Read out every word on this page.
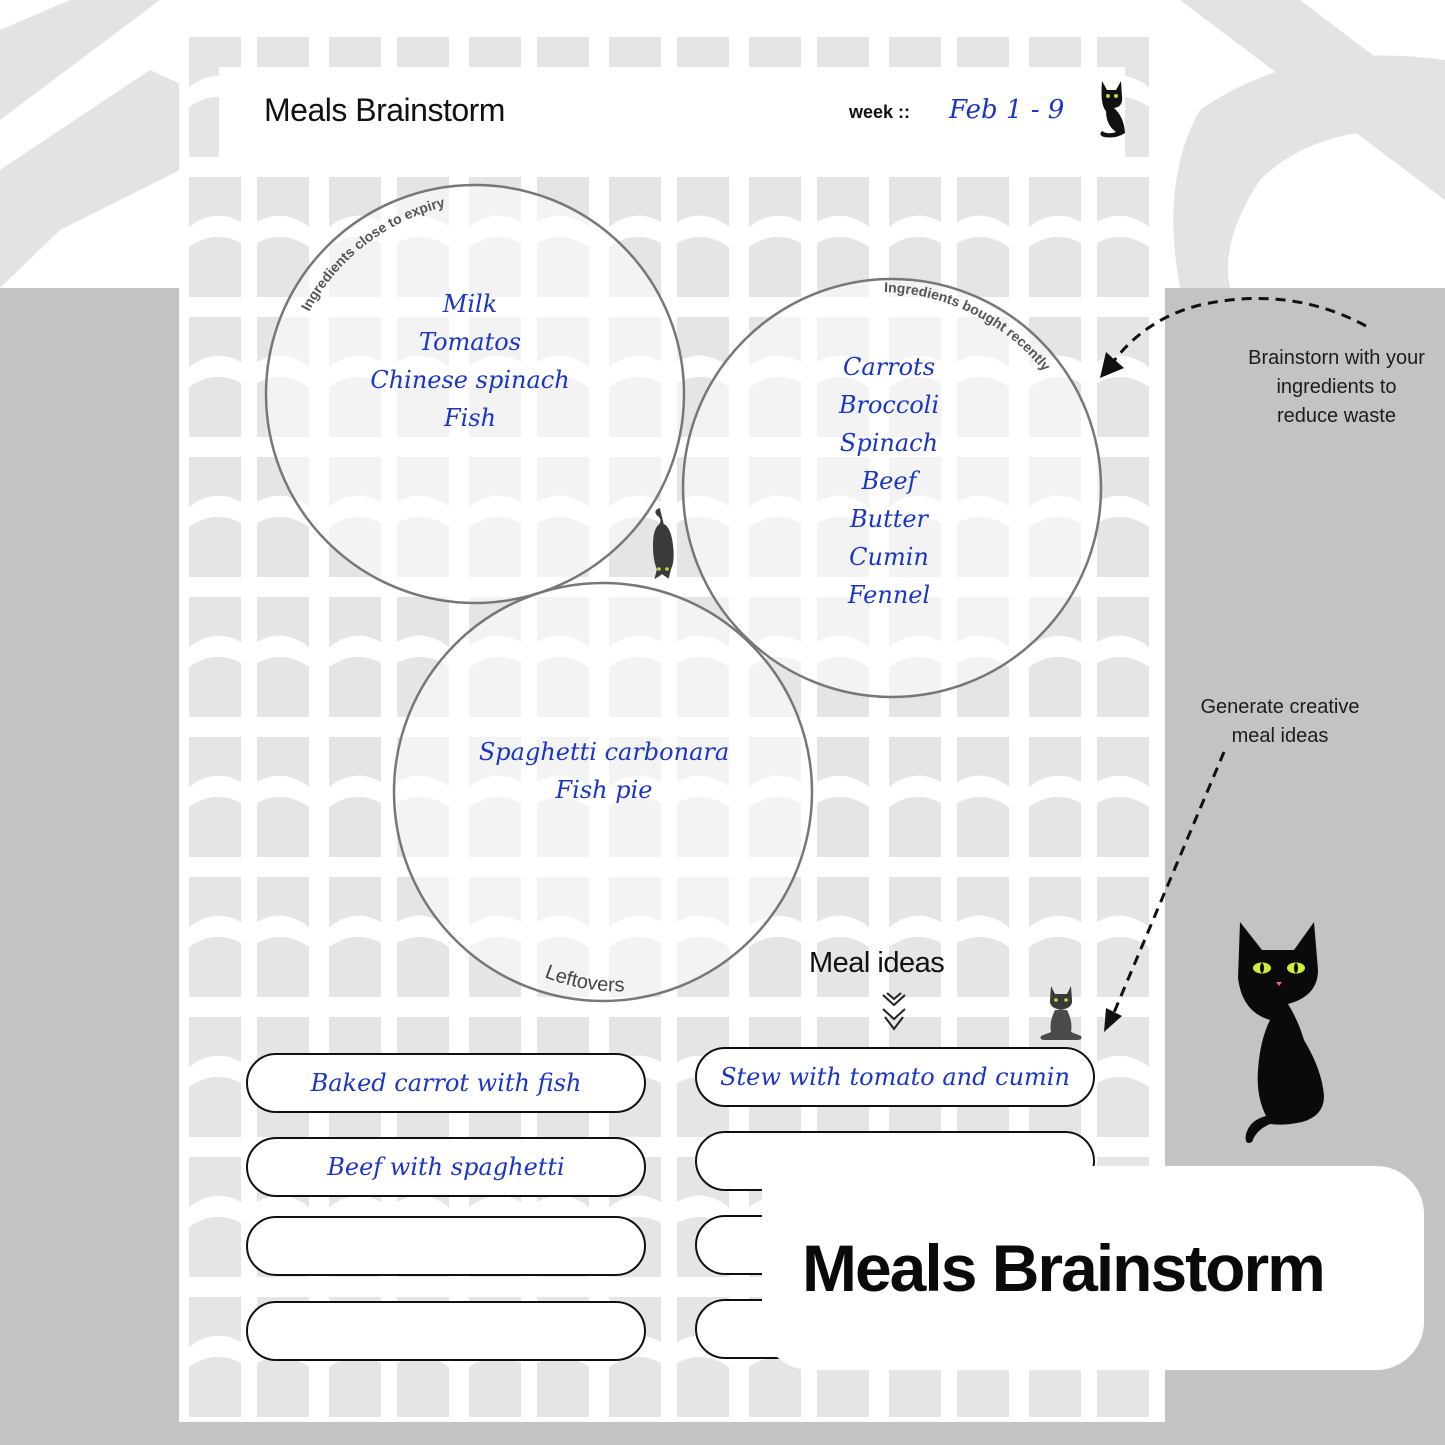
Meals Brainstorm	week :: Feb 1 - 9
Ingredients close to expiry
Ingredients bought recently
Leftovers
Milk
Tomatos
Chinese spinach
Fish
Carrots
Broccoli
Spinach
Beef
Butter
Cumin
Fennel
Spaghetti carbonara
Fish pie
Meal ideas
Baked carrot with fish
Beef with spaghetti
Stew with tomato and cumin
Brainstorn with your
ingredients to
reduce waste
Generate creative
meal ideas
Meals Brainstorm
